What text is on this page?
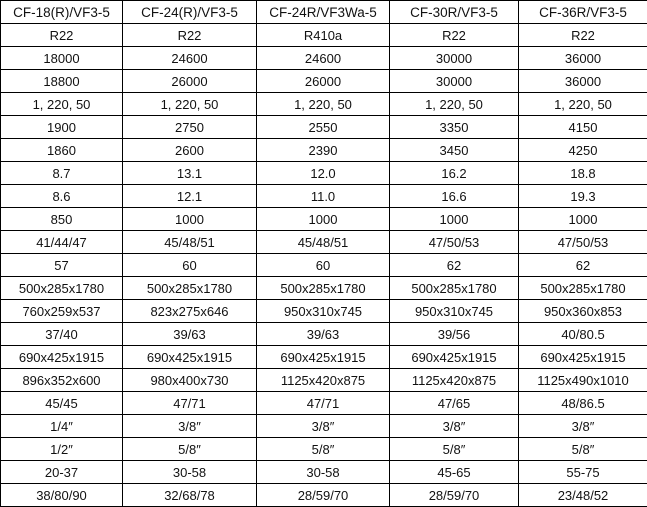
CF-18(R)/VF3-5	CF-24(R)/VF3-5	CF-24R/VF3Wa-5	CF-30R/VF3-5	CF-36R/VF3-5
R22	R22	R410a	R22	R22
18000	24600	24600	30000	36000
18800	26000	26000	30000	36000
1, 220, 50	1, 220, 50	1, 220, 50	1, 220, 50	1, 220, 50
1900	2750	2550	3350	4150
1860	2600	2390	3450	4250
8.7	13.1	12.0	16.2	18.8
8.6	12.1	11.0	16.6	19.3
850	1000	1000	1000	1000
41/44/47	45/48/51	45/48/51	47/50/53	47/50/53
57	60	60	62	62
500x285x1780	500x285x1780	500x285x1780	500x285x1780	500x285x1780
760x259x537	823x275x646	950x310x745	950x310x745	950x360x853
37/40	39/63	39/63	39/56	40/80.5
690x425x1915	690x425x1915	690x425x1915	690x425x1915	690x425x1915
896x352x600	980x400x730	1125x420x875	1125x420x875	1125x490x1010
45/45	47/71	47/71	47/65	48/86.5
1/4″	3/8″	3/8″	3/8″	3/8″
1/2″	5/8″	5/8″	5/8″	5/8″
20-37	30-58	30-58	45-65	55-75
38/80/90	32/68/78	28/59/70	28/59/70	23/48/52
